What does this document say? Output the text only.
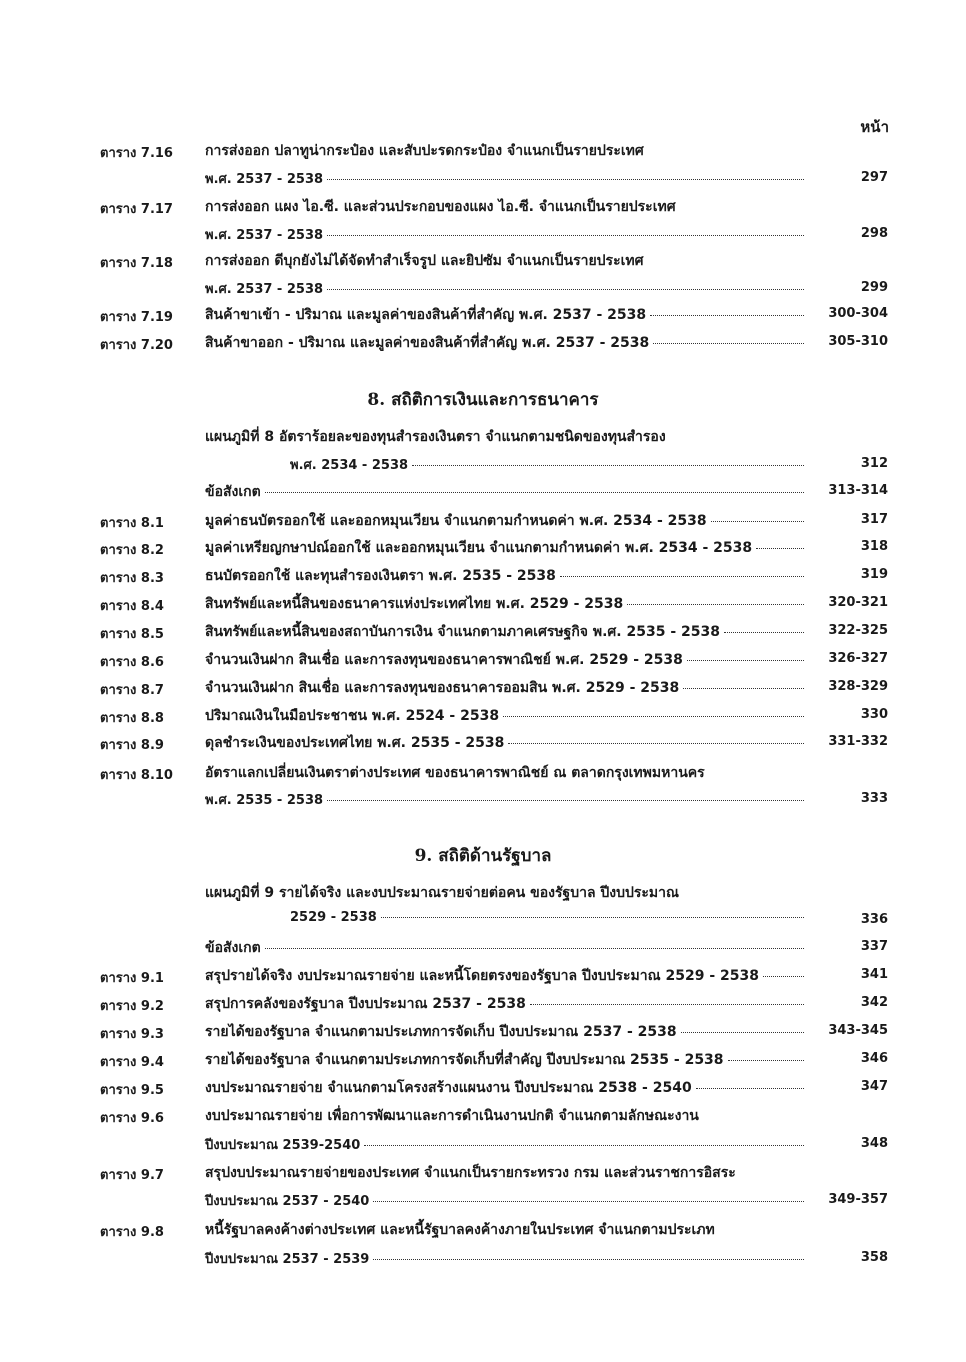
หน้า
8. สถิติการเงินและการธนาคาร
9. สถิติด้านรัฐบาล
ตาราง 7.16	การส่งออก ปลาทูน่ากระป๋อง และสับปะรดกระป๋อง จำแนกเป็นรายประเทศ
พ.ศ. 2537 - 2538	297
ตาราง 7.17	การส่งออก แผง ไอ.ซี. และส่วนประกอบของแผง ไอ.ซี. จำแนกเป็นรายประเทศ
พ.ศ. 2537 - 2538	298
ตาราง 7.18	การส่งออก ดีบุกยังไม่ได้จัดทำสำเร็จรูป และยิปซัม จำแนกเป็นรายประเทศ
พ.ศ. 2537 - 2538	299
ตาราง 7.19	สินค้าขาเข้า - ปริมาณ และมูลค่าของสินค้าที่สำคัญ พ.ศ. 2537 - 2538	300-304
ตาราง 7.20	สินค้าขาออก - ปริมาณ และมูลค่าของสินค้าที่สำคัญ พ.ศ. 2537 - 2538	305-310
แผนภูมิที่ 8 อัตราร้อยละของทุนสำรองเงินตรา จำแนกตามชนิดของทุนสำรอง
พ.ศ. 2534 - 2538	312
ข้อสังเกต	313-314
ตาราง 8.1	มูลค่าธนบัตรออกใช้ และออกหมุนเวียน จำแนกตามกำหนดค่า พ.ศ. 2534 - 2538	317
ตาราง 8.2	มูลค่าเหรียญกษาปณ์ออกใช้ และออกหมุนเวียน จำแนกตามกำหนดค่า พ.ศ. 2534 - 2538	318
ตาราง 8.3	ธนบัตรออกใช้ และทุนสำรองเงินตรา พ.ศ. 2535 - 2538	319
ตาราง 8.4	สินทรัพย์และหนี้สินของธนาคารแห่งประเทศไทย พ.ศ. 2529 - 2538	320-321
ตาราง 8.5	สินทรัพย์และหนี้สินของสถาบันการเงิน จำแนกตามภาคเศรษฐกิจ พ.ศ. 2535 - 2538	322-325
ตาราง 8.6	จำนวนเงินฝาก สินเชื่อ และการลงทุนของธนาคารพาณิชย์ พ.ศ. 2529 - 2538	326-327
ตาราง 8.7	จำนวนเงินฝาก สินเชื่อ และการลงทุนของธนาคารออมสิน พ.ศ. 2529 - 2538	328-329
ตาราง 8.8	ปริมาณเงินในมือประชาชน พ.ศ. 2524 - 2538	330
ตาราง 8.9	ดุลชำระเงินของประเทศไทย พ.ศ. 2535 - 2538	331-332
ตาราง 8.10	อัตราแลกเปลี่ยนเงินตราต่างประเทศ ของธนาคารพาณิชย์ ณ ตลาดกรุงเทพมหานคร
พ.ศ. 2535 - 2538	333
แผนภูมิที่ 9 รายได้จริง และงบประมาณรายจ่ายต่อคน ของรัฐบาล ปีงบประมาณ
2529 - 2538	336
ข้อสังเกต	337
ตาราง 9.1	สรุปรายได้จริง งบประมาณรายจ่าย และหนี้โดยตรงของรัฐบาล ปีงบประมาณ 2529 - 2538	341
ตาราง 9.2	สรุปการคลังของรัฐบาล ปีงบประมาณ 2537 - 2538	342
ตาราง 9.3	รายได้ของรัฐบาล จำแนกตามประเภทการจัดเก็บ ปีงบประมาณ 2537 - 2538	343-345
ตาราง 9.4	รายได้ของรัฐบาล จำแนกตามประเภทการจัดเก็บที่สำคัญ ปีงบประมาณ 2535 - 2538	346
ตาราง 9.5	งบประมาณรายจ่าย จำแนกตามโครงสร้างแผนงาน ปีงบประมาณ 2538 - 2540	347
ตาราง 9.6	งบประมาณรายจ่าย เพื่อการพัฒนาและการดำเนินงานปกติ จำแนกตามลักษณะงาน
ปีงบประมาณ 2539-2540	348
ตาราง 9.7	สรุปงบประมาณรายจ่ายของประเทศ จำแนกเป็นรายกระทรวง กรม และส่วนราชการอิสระ
ปีงบประมาณ 2537 - 2540	349-357
ตาราง 9.8	หนี้รัฐบาลคงค้างต่างประเทศ และหนี้รัฐบาลคงค้างภายในประเทศ จำแนกตามประเภท
ปีงบประมาณ 2537 - 2539	358
